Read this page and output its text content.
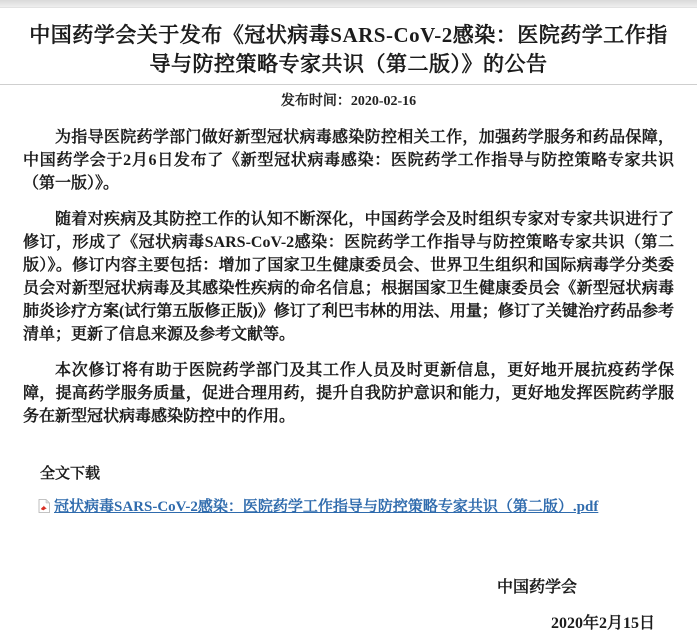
中国药学会关于发布《冠状病毒SARS-CoV-2感染：医院药学工作指导与防控策略专家共识（第二版）》的公告
发布时间：2020-02-16

为指导医院药学部门做好新型冠状病毒感染防控相关工作，加强药学服务和药品保障，中国药学会于2月6日发布了《新型冠状病毒感染：医院药学工作指导与防控策略专家共识（第一版）》。

随着对疾病及其防控工作的认知不断深化，中国药学会及时组织专家对专家共识进行了修订，形成了《冠状病毒SARS-CoV-2感染：医院药学工作指导与防控策略专家共识（第二版）》。修订内容主要包括：增加了国家卫生健康委员会、世界卫生组织和国际病毒学分类委员会对新型冠状病毒及其感染性疾病的命名信息；根据国家卫生健康委员会《新型冠状病毒肺炎诊疗方案(试行第五版修正版)》修订了利巴韦林的用法、用量；修订了关键治疗药品参考清单；更新了信息来源及参考文献等。

本次修订将有助于医院药学部门及其工作人员及时更新信息，更好地开展抗疫药学保障，提高药学服务质量，促进合理用药，提升自我防护意识和能力，更好地发挥医院药学服务在新型冠状病毒感染防控中的作用。

全文下载
冠状病毒SARS-CoV-2感染：医院药学工作指导与防控策略专家共识（第二版）.pdf
中国药学会
2020年2月15日
